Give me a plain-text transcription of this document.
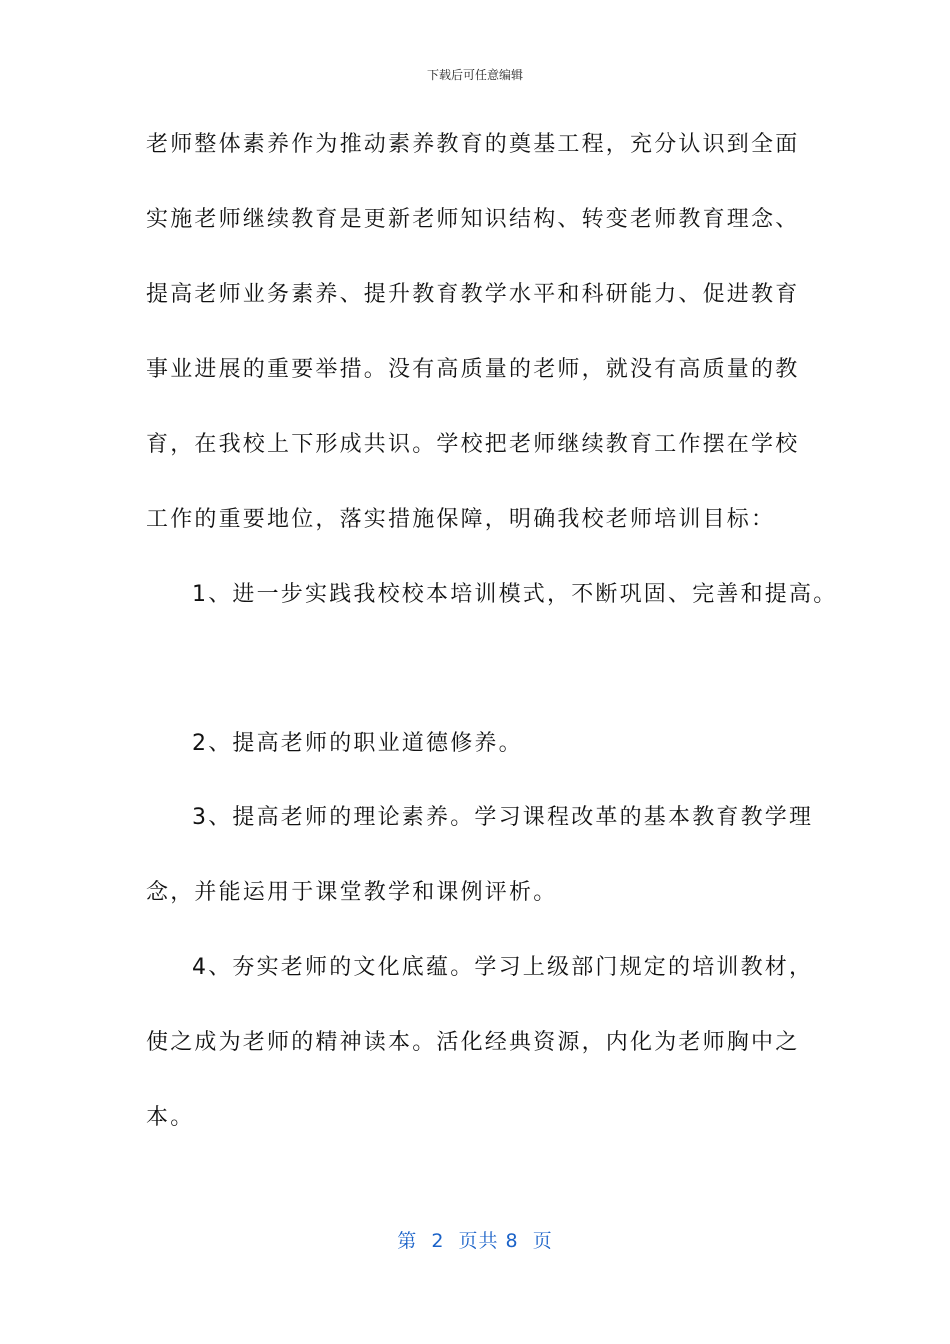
下载后可任意编辑
老师整体素养作为推动素养教育的奠基工程，充分认识到全面
实施老师继续教育是更新老师知识结构、转变老师教育理念、
提高老师业务素养、提升教育教学水平和科研能力、促进教育
事业进展的重要举措。没有高质量的老师，就没有高质量的教
育，在我校上下形成共识。学校把老师继续教育工作摆在学校
工作的重要地位，落实措施保障，明确我校老师培训目标：
1、进一步实践我校校本培训模式，不断巩固、完善和提高。
2、提高老师的职业道德修养。
3、提高老师的理论素养。学习课程改革的基本教育教学理
念，并能运用于课堂教学和课例评析。
4、夯实老师的文化底蕴。学习上级部门规定的培训教材，
使之成为老师的精神读本。活化经典资源，内化为老师胸中之
本。
第  2  页共 8  页
